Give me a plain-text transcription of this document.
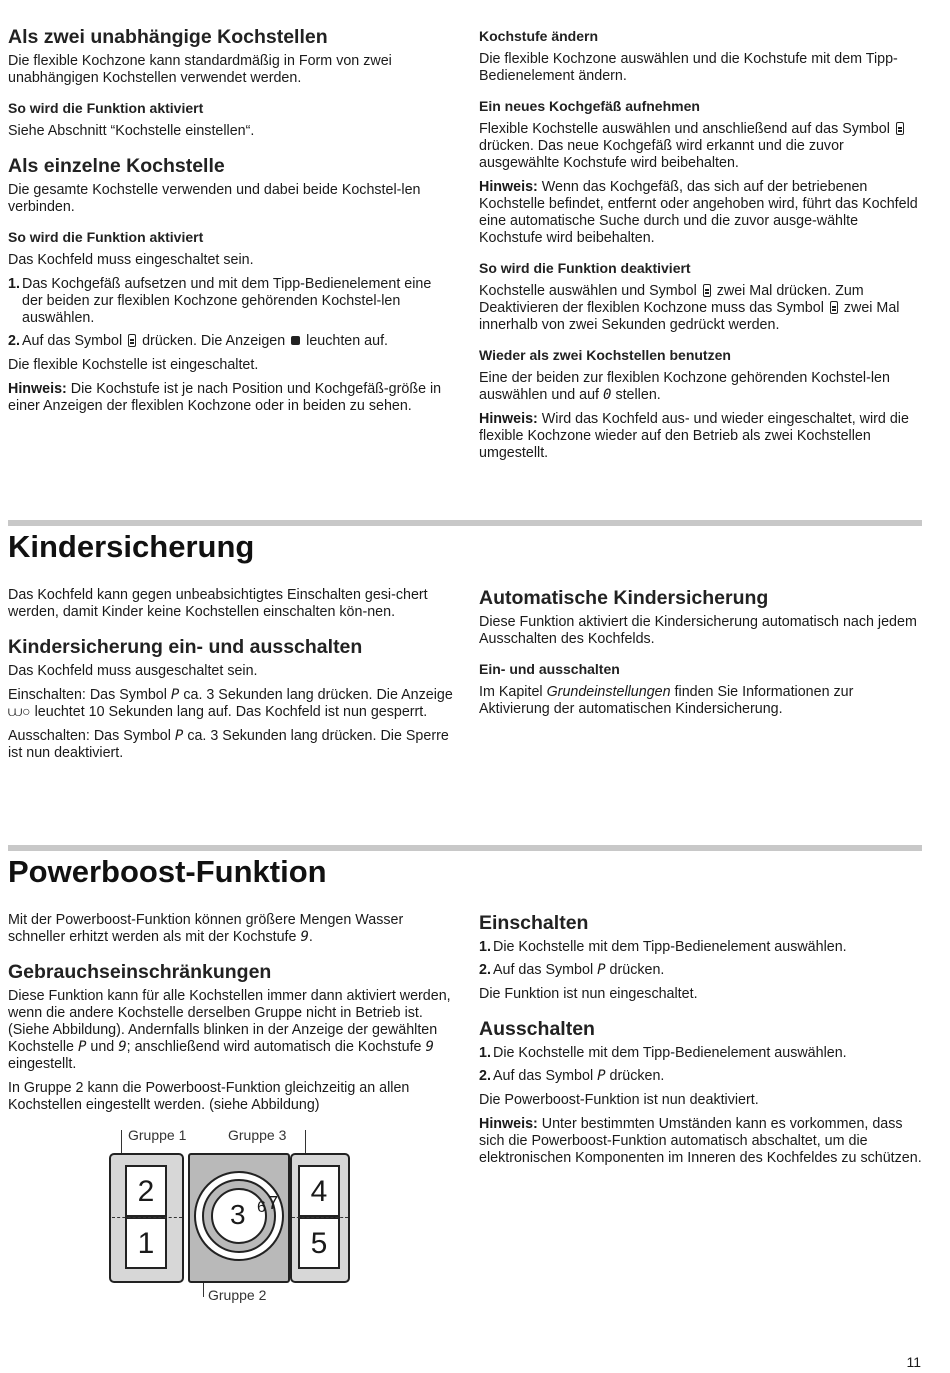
Als zwei unabhängige Kochstellen

Die flexible Kochzone kann standardmäßig in Form von zwei unabhängigen Kochstellen verwendet werden.

So wird die Funktion aktiviert

Siehe Abschnitt “Kochstelle einstellen“.

Als einzelne Kochstelle

Die gesamte Kochstelle verwenden und dabei beide Kochstel-len verbinden.

So wird die Funktion aktiviert

Das Kochfeld muss eingeschaltet sein.

1. Das Kochgefäß aufsetzen und mit dem Tipp-Bedienelement eine der beiden zur flexiblen Kochzone gehörenden Kochstel-len auswählen.
2. Auf das Symbol drücken. Die Anzeigen leuchten auf.

Die flexible Kochstelle ist eingeschaltet.

Hinweis: Die Kochstufe ist je nach Position und Kochgefäß-größe in einer Anzeigen der flexiblen Kochzone oder in beiden zu sehen.

Kochstufe ändern

Die flexible Kochzone auswählen und die Kochstufe mit dem Tipp-Bedienelement ändern.

Ein neues Kochgefäß aufnehmen

Flexible Kochstelle auswählen und anschließend auf das Symbol  drücken. Das neue Kochgefäß wird erkannt und die zuvor ausgewählte Kochstufe wird beibehalten.

Hinweis: Wenn das Kochgefäß, das sich auf der betriebenen Kochstelle befindet, entfernt oder angehoben wird, führt das Kochfeld eine automatische Suche durch und die zuvor ausge-wählte Kochstufe wird beibehalten.

So wird die Funktion deaktiviert

Kochstelle auswählen und Symbol zwei Mal drücken. Zum Deaktivieren der flexiblen Kochzone muss das Symbol zwei Mal innerhalb von zwei Sekunden gedrückt werden.

Wieder als zwei Kochstellen benutzen

Eine der beiden zur flexiblen Kochzone gehörenden Kochstel-len auswählen und auf 0 stellen.

Hinweis: Wird das Kochfeld aus- und wieder eingeschaltet, wird die flexible Kochzone wieder auf den Betrieb als zwei Kochstellen umgestellt.

Kindersicherung

Das Kochfeld kann gegen unbeabsichtigtes Einschalten gesi-chert werden, damit Kinder keine Kochstellen einschalten kön-nen.

Kindersicherung ein- und ausschalten

Das Kochfeld muss ausgeschaltet sein.

Einschalten: Das Symbol P ca. 3 Sekunden lang drücken. Die Anzeige ⩊○ leuchtet 10 Sekunden lang auf. Das Kochfeld ist nun gesperrt.

Ausschalten: Das Symbol P ca. 3 Sekunden lang drücken. Die Sperre ist nun deaktiviert.

Automatische Kindersicherung

Diese Funktion aktiviert die Kindersicherung automatisch nach jedem Ausschalten des Kochfelds.

Ein- und ausschalten

Im Kapitel Grundeinstellungen finden Sie Informationen zur Aktivierung der automatischen Kindersicherung.

Powerboost-Funktion

Mit der Powerboost-Funktion können größere Mengen Wasser schneller erhitzt werden als mit der Kochstufe 9.

Gebrauchseinschränkungen

Diese Funktion kann für alle Kochstellen immer dann aktiviert werden, wenn die andere Kochstelle derselben Gruppe nicht in Betrieb ist. (Siehe Abbildung). Andernfalls blinken in der Anzeige der gewählten Kochstelle P und 9; anschließend wird automatisch die Kochstufe 9 eingestellt.

In Gruppe 2 kann die Powerboost-Funktion gleichzeitig an allen Kochstellen eingestellt werden. (siehe Abbildung)

Gruppe 1	Gruppe 3
Gruppe 2
2
1
4
5
3 6 7
Einschalten
1. Die Kochstelle mit dem Tipp-Bedienelement auswählen.
2. Auf das Symbol P drücken.

Die Funktion ist nun eingeschaltet.

Ausschalten
1. Die Kochstelle mit dem Tipp-Bedienelement auswählen.
2. Auf das Symbol P drücken.

Die Powerboost-Funktion ist nun deaktiviert.

Hinweis: Unter bestimmten Umständen kann es vorkommen, dass sich die Powerboost-Funktion automatisch abschaltet, um die elektronischen Komponenten im Inneren des Kochfeldes zu schützen.

11
